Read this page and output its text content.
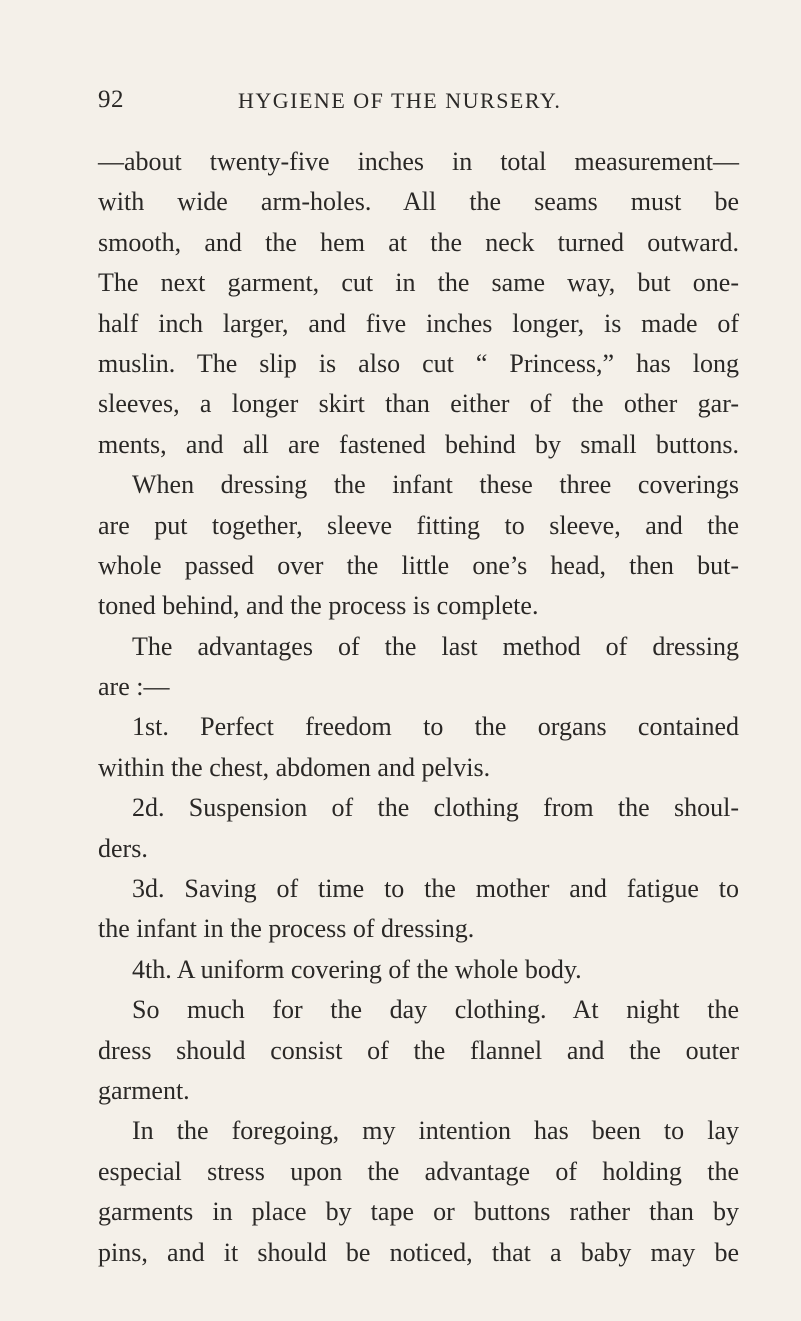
92	HYGIENE OF THE NURSERY.
—about twenty-five inches in total measurement—
with wide arm-holes. All the seams must be
smooth, and the hem at the neck turned outward.
The next garment, cut in the same way, but one-
half inch larger, and five inches longer, is made of
muslin. The slip is also cut “ Princess,” has long
sleeves, a longer skirt than either of the other gar-
ments, and all are fastened behind by small buttons.
When dressing the infant these three coverings
are put together, sleeve fitting to sleeve, and the
whole passed over the little one’s head, then but-
toned behind, and the process is complete.
The advantages of the last method of dressing
are :—
1st. Perfect freedom to the organs contained
within the chest, abdomen and pelvis.
2d. Suspension of the clothing from the shoul-
ders.
3d. Saving of time to the mother and fatigue to
the infant in the process of dressing.
4th. A uniform covering of the whole body.
So much for the day clothing. At night the
dress should consist of the flannel and the outer
garment.
In the foregoing, my intention has been to lay
especial stress upon the advantage of holding the
garments in place by tape or buttons rather than by
pins, and it should be noticed, that a baby may be
